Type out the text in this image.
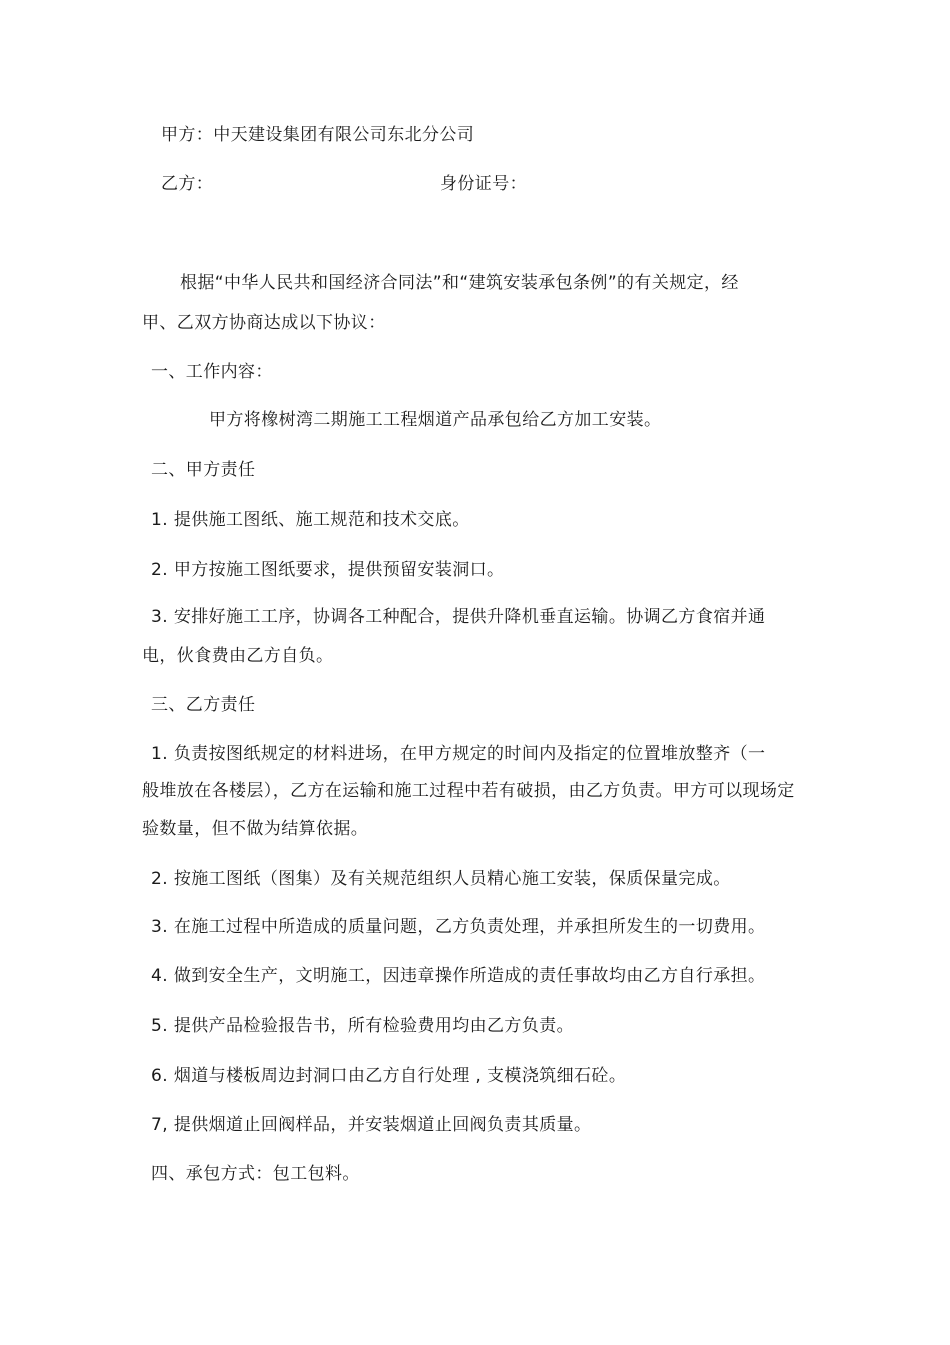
甲方：中天建设集团有限公司东北分公司
乙方：	身份证号：
根据“中华人民共和国经济合同法”和“建筑安装承包条例”的有关规定，经
甲、乙双方协商达成以下协议：
一、工作内容：
甲方将橡树湾二期施工工程烟道产品承包给乙方加工安装。
二、甲方责任
1. 提供施工图纸、施工规范和技术交底。
2. 甲方按施工图纸要求，提供预留安装洞口。
3. 安排好施工工序，协调各工种配合，提供升降机垂直运输。协调乙方食宿并通
电，伙食费由乙方自负。
三、乙方责任
1. 负责按图纸规定的材料进场，在甲方规定的时间内及指定的位置堆放整齐（一
般堆放在各楼层），乙方在运输和施工过程中若有破损，由乙方负责。甲方可以现场定
验数量，但不做为结算依据。
2. 按施工图纸（图集）及有关规范组织人员精心施工安装，保质保量完成。
3. 在施工过程中所造成的质量问题，乙方负责处理，并承担所发生的一切费用。
4. 做到安全生产，文明施工，因违章操作所造成的责任事故均由乙方自行承担。
5. 提供产品检验报告书，所有检验费用均由乙方负责。
6. 烟道与楼板周边封洞口由乙方自行处理 , 支模浇筑细石砼。
7, 提供烟道止回阀样品，并安装烟道止回阀负责其质量。
四、承包方式：包工包料。
